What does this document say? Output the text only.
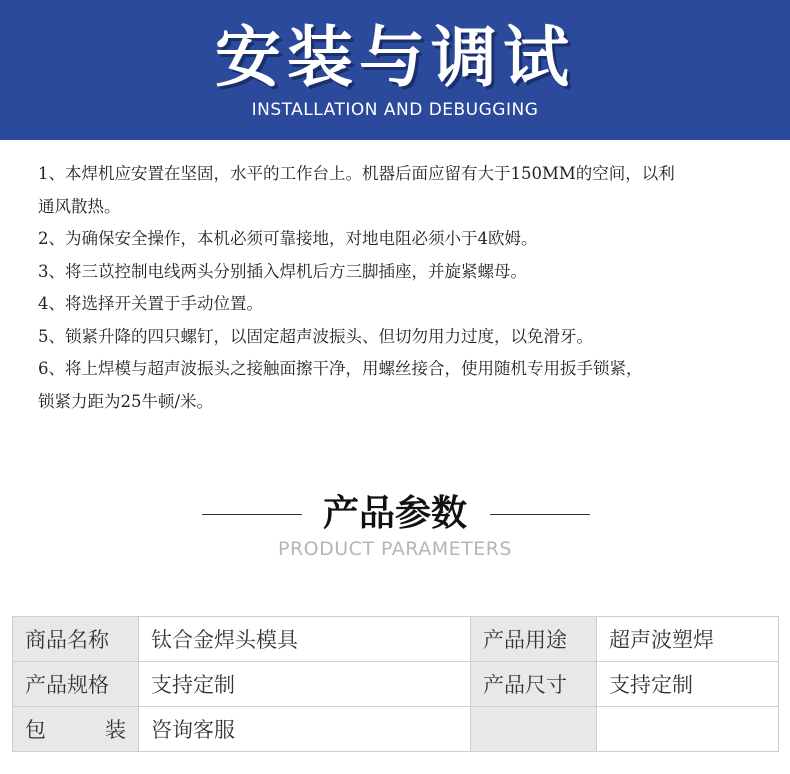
安装与调试
INSTALLATION AND DEBUGGING
1、本焊机应安置在坚固，水平的工作台上。机器后面应留有大于150MM的空间，以利
通风散热。
2、为确保安全操作，本机必须可靠接地，对地电阻必须小于4欧姆。
3、将三苡控制电线两头分别插入焊机后方三脚插座，并旋紧螺母。
4、将选择开关置于手动位置。
5、锁紧升降的四只螺钉，以固定超声波振头、但切勿用力过度，以免滑牙。
6、将上焊模与超声波振头之接触面擦干净，用螺丝接合，使用随机专用扳手锁紧，
锁紧力距为25牛顿/米。
产品参数
PRODUCT PARAMETERS
商品名称	钛合金焊头模具	产品用途	超声波塑焊
产品规格	支持定制	产品尺寸	支持定制

包 装	咨询客服		
